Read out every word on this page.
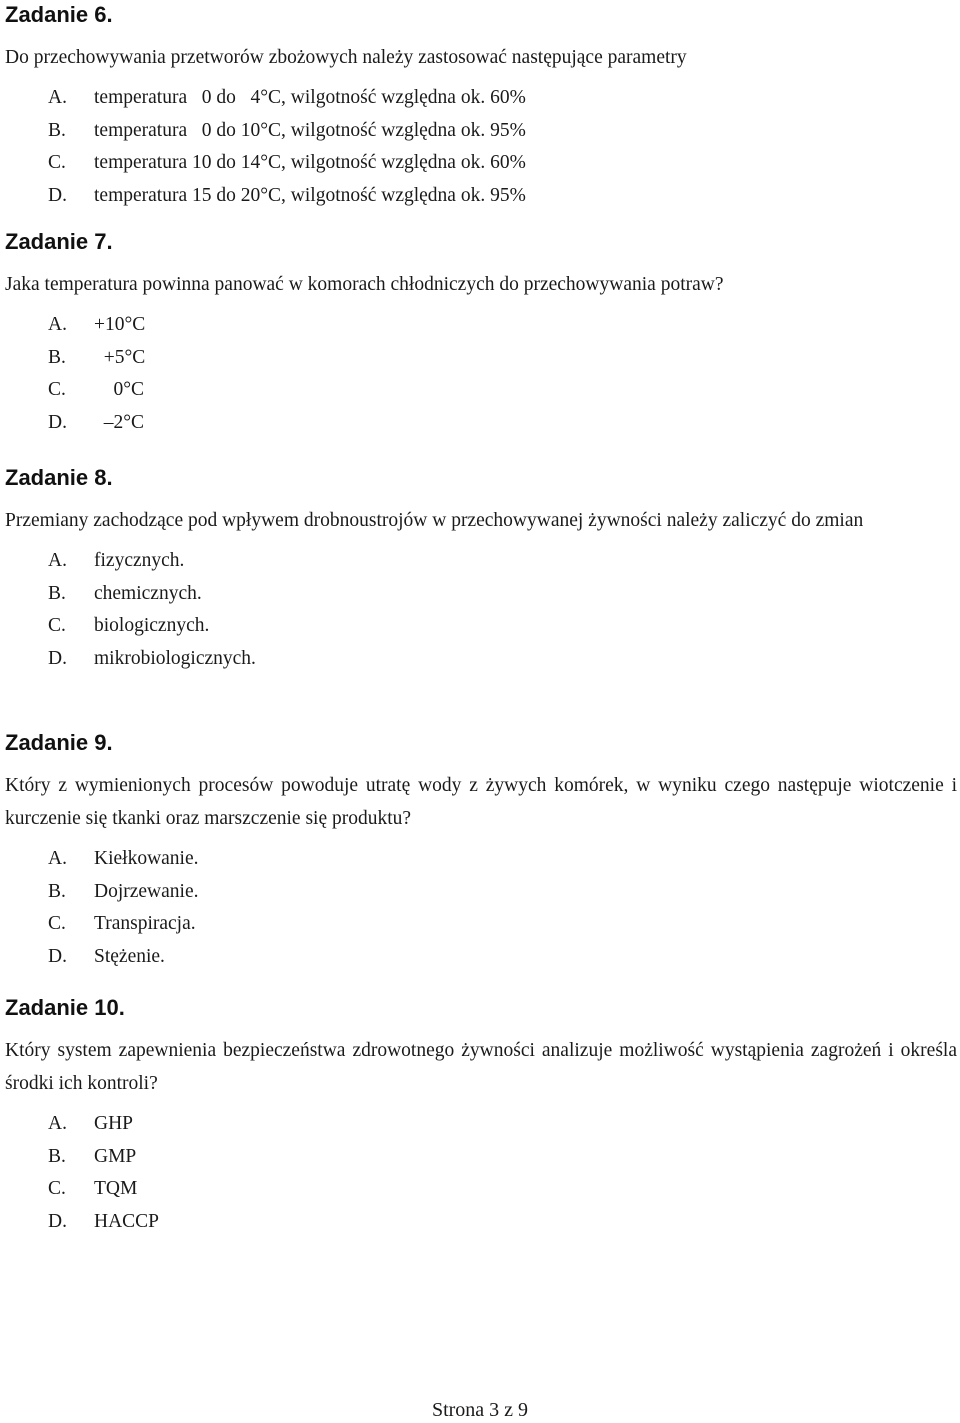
Zadanie 6.

Do przechowywania przetworów zbożowych należy zastosować następujące parametry

A.	temperatura   0 do   4°C, wilgotność względna ok. 60%
B.	temperatura   0 do 10°C, wilgotność względna ok. 95%
C.	temperatura 10 do 14°C, wilgotność względna ok. 60%
D.	temperatura 15 do 20°C, wilgotność względna ok. 95%
Zadanie 7.

Jaka temperatura powinna panować w komorach chłodniczych do przechowywania potraw?

A.	+10°C
B.	+5°C
C.	0°C
D.	–2°C
Zadanie 8.

Przemiany zachodzące pod wpływem drobnoustrojów w przechowywanej żywności należy zaliczyć do zmian

A.	fizycznych.
B.	chemicznych.
C.	biologicznych.
D.	mikrobiologicznych.
Zadanie 9.

Który z wymienionych procesów powoduje utratę wody z żywych komórek, w wyniku czego następuje wiotczenie i kurczenie się tkanki oraz marszczenie się produktu?

A.	Kiełkowanie.
B.	Dojrzewanie.
C.	Transpiracja.
D.	Stężenie.
Zadanie 10.

Który system zapewnienia bezpieczeństwa zdrowotnego żywności analizuje możliwość wystąpienia zagrożeń i określa środki ich kontroli?

A.	GHP
B.	GMP
C.	TQM
D.	HACCP
Strona 3 z 9
